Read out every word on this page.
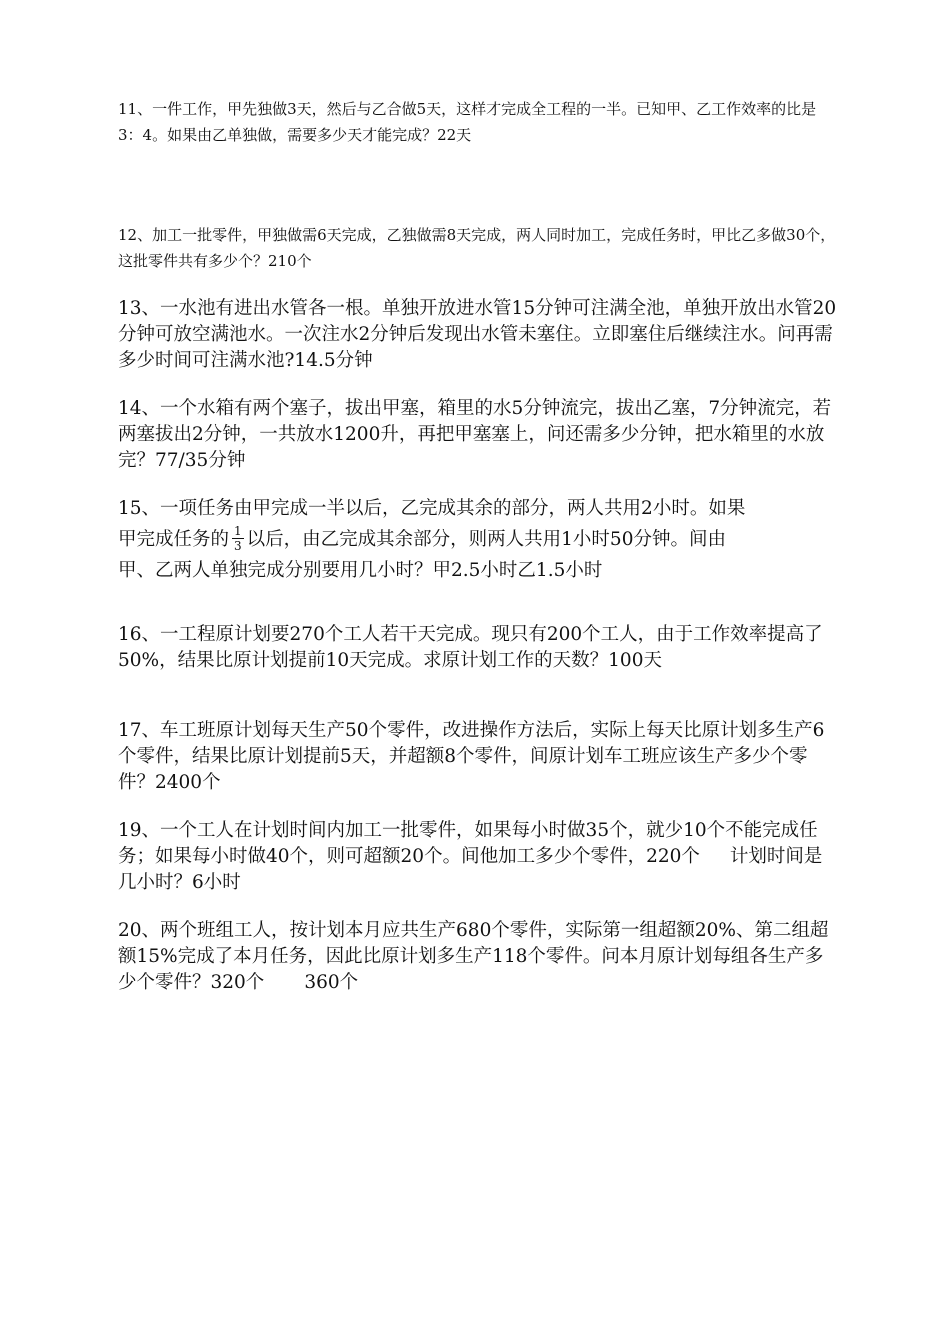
11、一件工作，甲先独做3天，然后与乙合做5天，这样才完成全工程的一半。已知甲、乙工作效率的比是3：4。如果由乙单独做，需要多少天才能完成？22天

12、加工一批零件，甲独做需6天完成，乙独做需8天完成，两人同时加工，完成任务时，甲比乙多做30个，这批零件共有多少个？210个

13、一水池有进出水管各一根。单独开放进水管15分钟可注满全池，单独开放出水管20分钟可放空满池水。一次注水2分钟后发现出水管未塞住。立即塞住后继续注水。问再需多少时间可注满水池?14.5分钟

14、一个水箱有两个塞子，拔出甲塞，箱里的水5分钟流完，拔出乙塞，7分钟流完，若两塞拔出2分钟，一共放水1200升，再把甲塞塞上，问还需多少分钟，把水箱里的水放完？77/35分钟

15、一项任务由甲完成一半以后，乙完成其余的部分，两人共用2小时。如果
甲完成任务的 $\frac{1}{3}$ 以后，由乙完成其余部分，则两人共用1小时50分钟。间由
甲、乙两人单独完成分别要用几小时？甲2.5小时乙1.5小时

16、一工程原计划要270个工人若干天完成。现只有200个工人，由于工作效率提高了50%，结果比原计划提前10天完成。求原计划工作的天数？100天

17、车工班原计划每天生产50个零件，改进操作方法后，实际上每天比原计划多生产6个零件，结果比原计划提前5天，并超额8个零件，间原计划车工班应该生产多少个零件？2400个

19、一个工人在计划时间内加工一批零件，如果每小时做35个，就少10个不能完成任务；如果每小时做40个，则可超额20个。间他加工多少个零件，220个 计划时间是几小时？6小时

20、两个班组工人，按计划本月应共生产680个零件，实际第一组超额20%、第二组超额15%完成了本月任务，因此比原计划多生产118个零件。问本月原计划每组各生产多少个零件？320个 360个
